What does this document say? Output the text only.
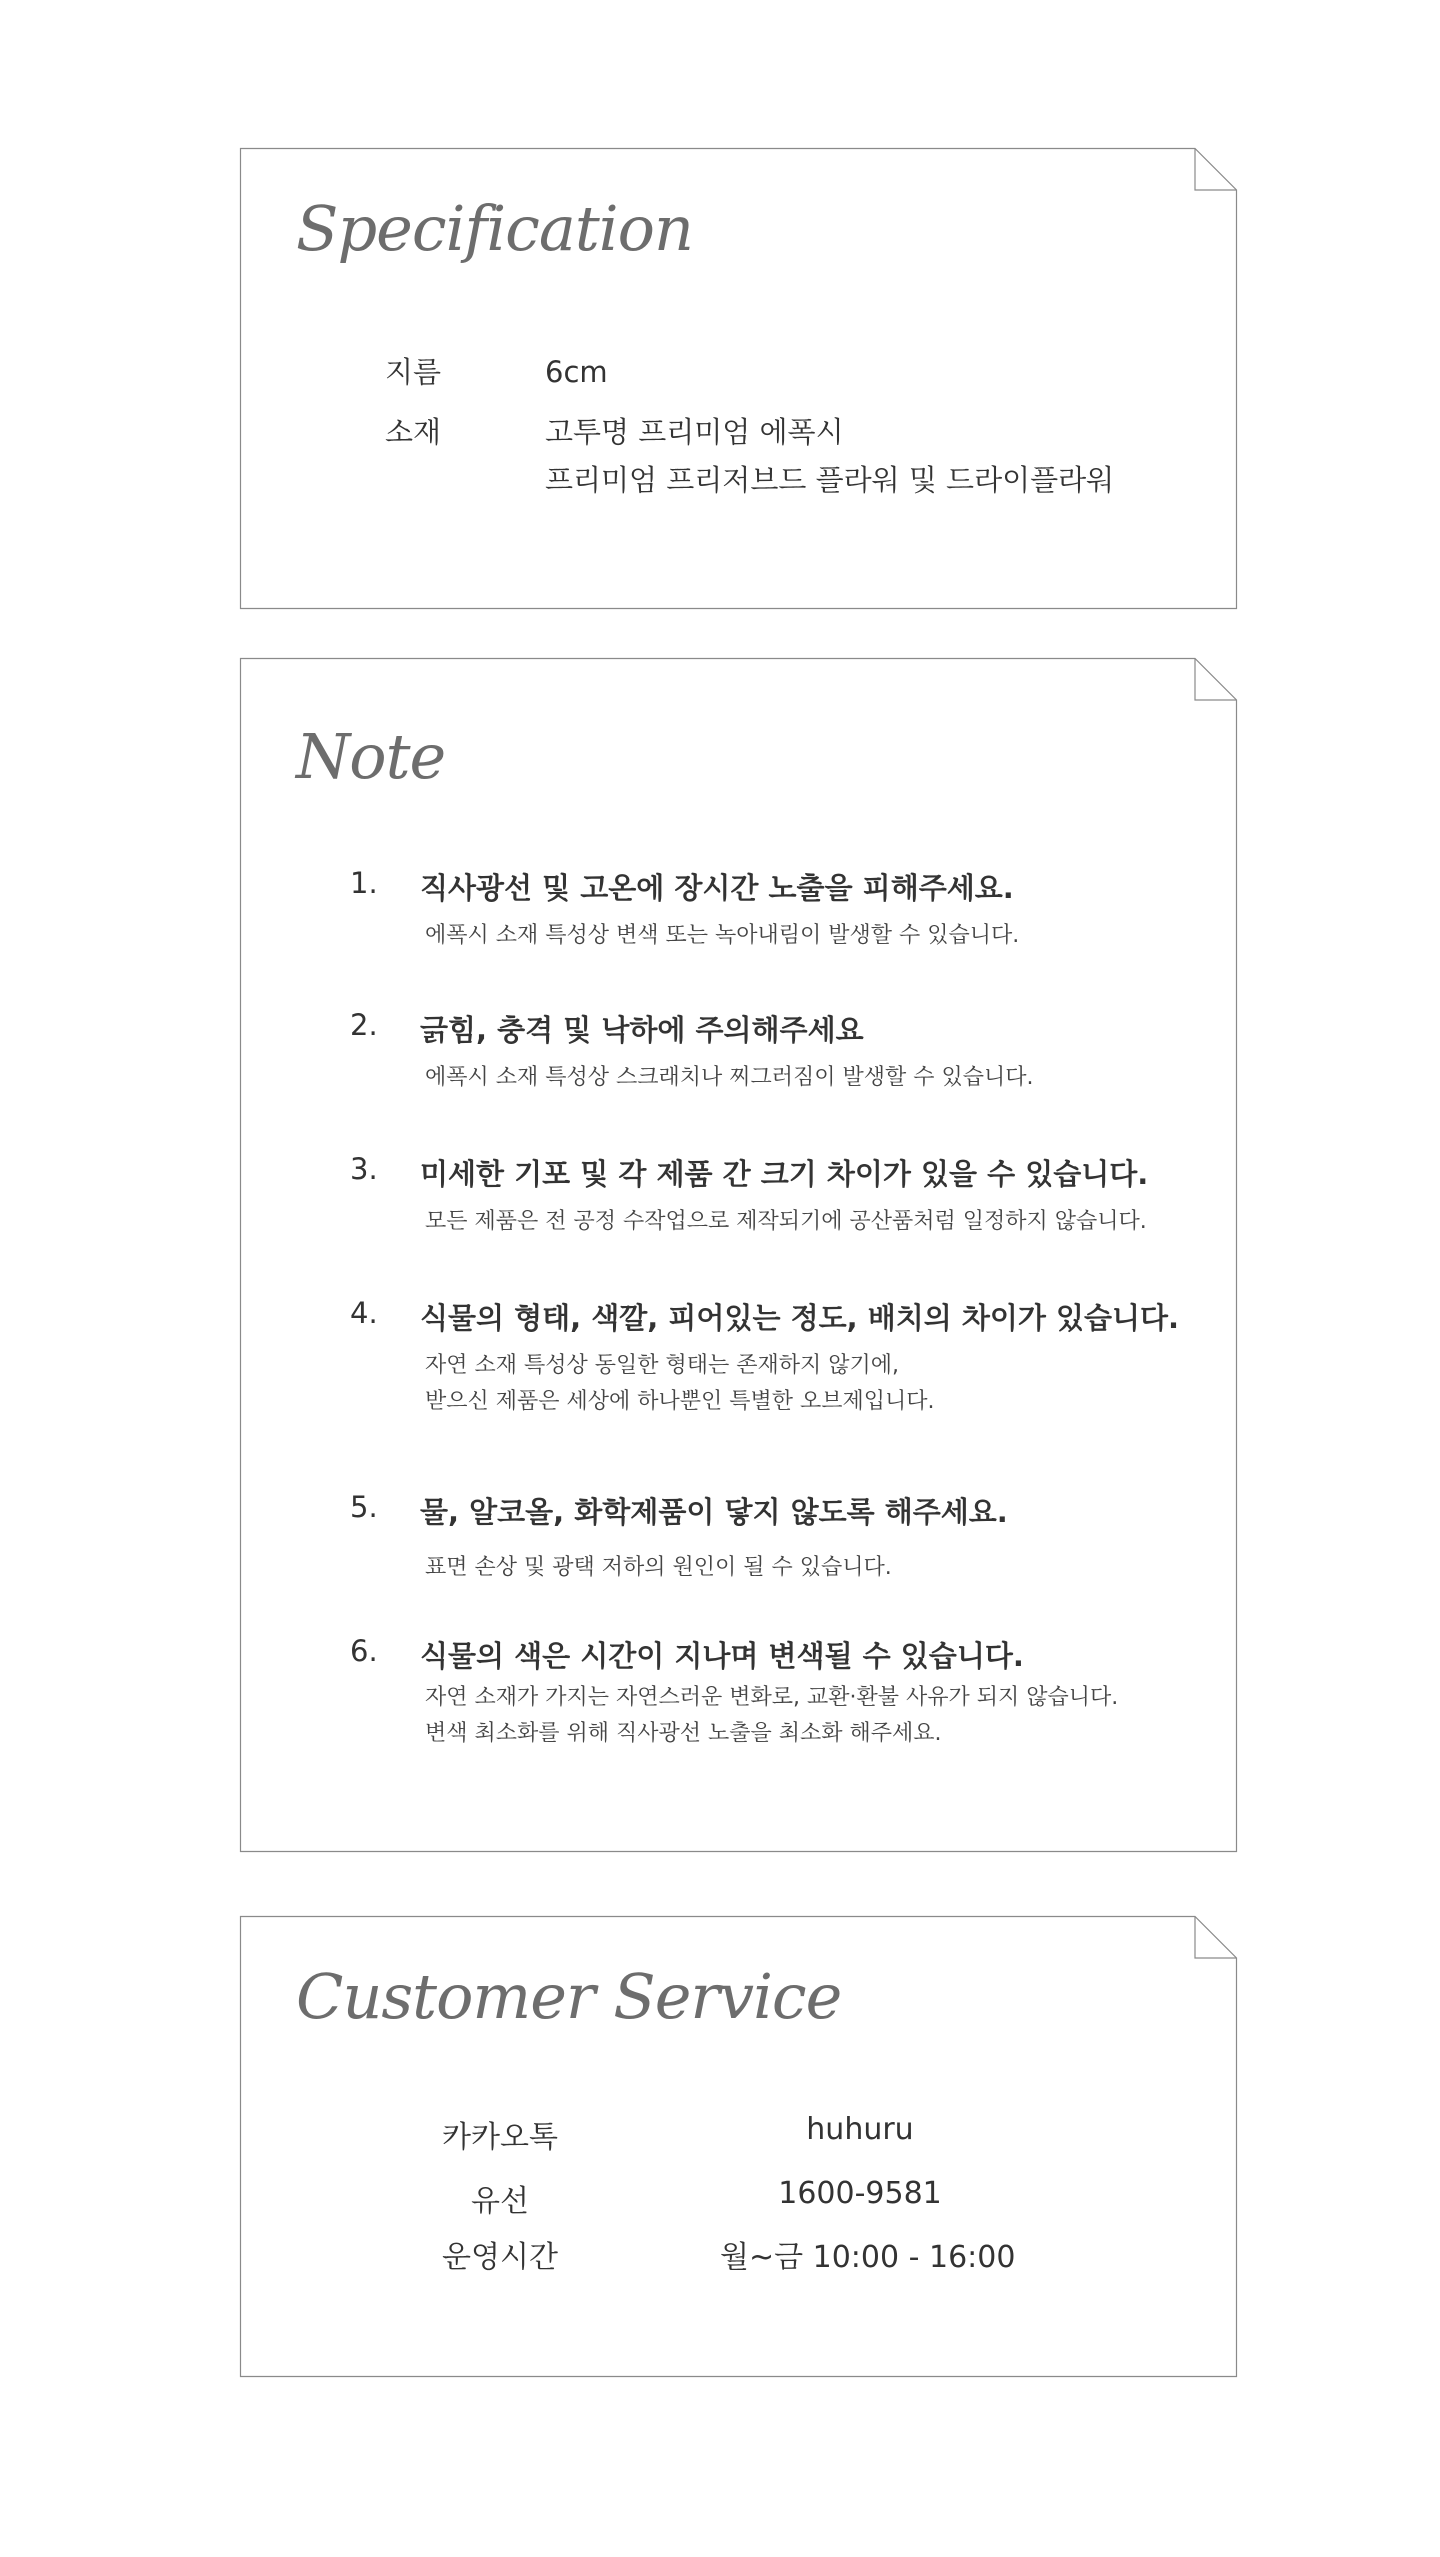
Specification
지름	6cm
소재	고투명 프리미엄 에폭시
프리미엄 프리저브드 플라워 및 드라이플라워
Note
1. 직사광선 및 고온에 장시간 노출을 피해주세요.
에폭시 소재 특성상 변색 또는 녹아내림이 발생할 수 있습니다.
2. 긁힘, 충격 및 낙하에 주의해주세요
에폭시 소재 특성상 스크래치나 찌그러짐이 발생할 수 있습니다.
3. 미세한 기포 및 각 제품 간 크기 차이가 있을 수 있습니다.
모든 제품은 전 공정 수작업으로 제작되기에 공산품처럼 일정하지 않습니다.
4. 식물의 형태, 색깔, 피어있는 정도, 배치의 차이가 있습니다.
자연 소재 특성상 동일한 형태는 존재하지 않기에,
받으신 제품은 세상에 하나뿐인 특별한 오브제입니다.
5. 물, 알코올, 화학제품이 닿지 않도록 해주세요.
표면 손상 및 광택 저하의 원인이 될 수 있습니다.
6. 식물의 색은 시간이 지나며 변색될 수 있습니다.
자연 소재가 가지는 자연스러운 변화로, 교환·환불 사유가 되지 않습니다.
변색 최소화를 위해 직사광선 노출을 최소화 해주세요.
Customer Service
카카오톡	huhuru
유선	1600-9581
운영시간	월~금 10:00 - 16:00
